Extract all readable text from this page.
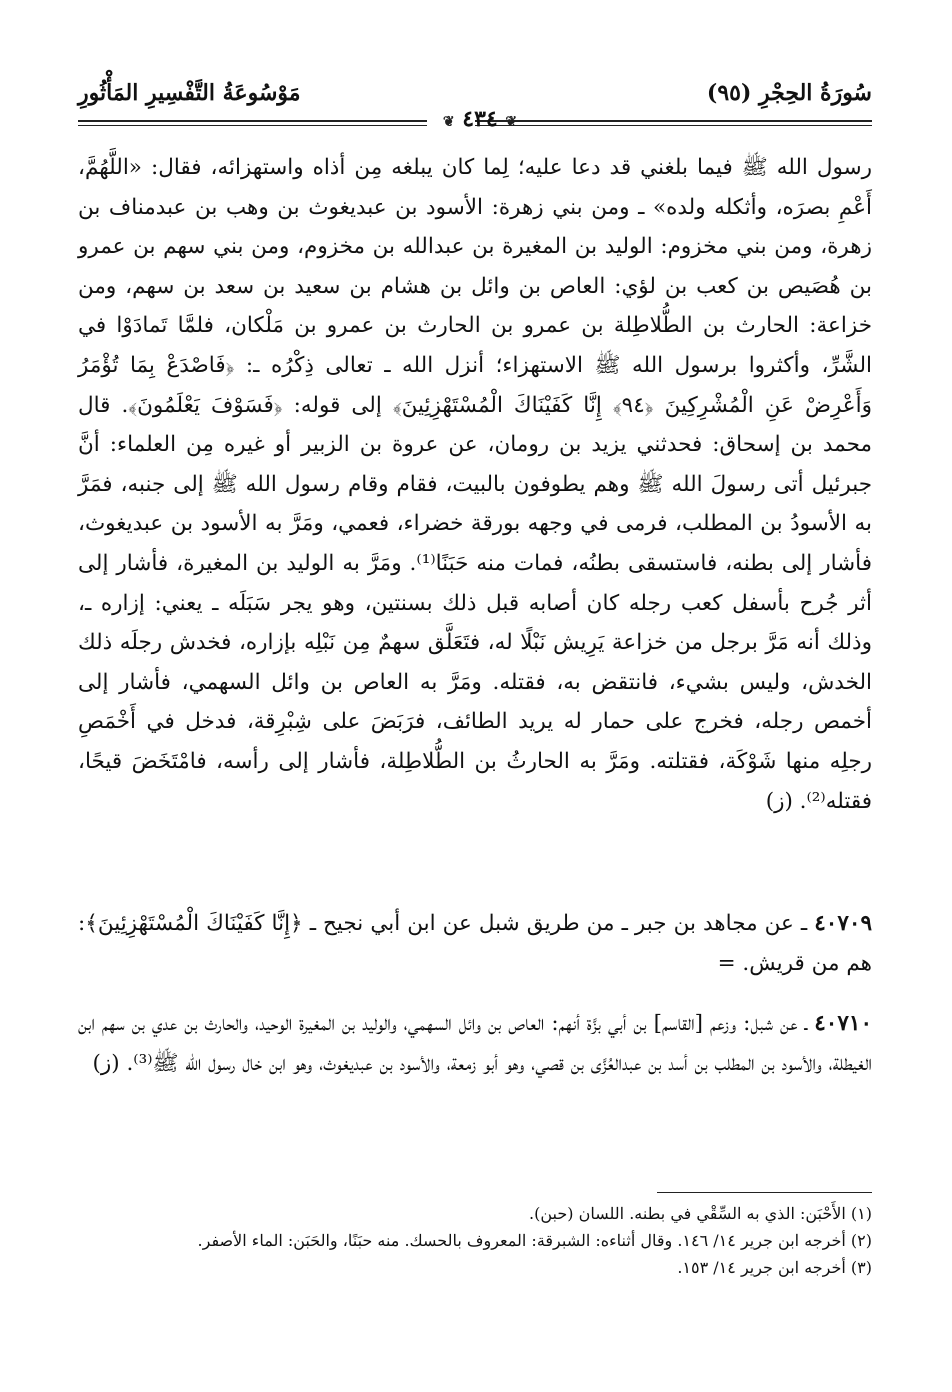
سُورَةُ الحِجْرِ (٩٥)
مَوْسُوعَةُ التَّفْسِيرِ المَأْثُورِ
❦ ٤٣٤ ❦

رسول الله ﷺ فيما بلغني قد دعا عليه؛ لِما كان يبلغه مِن أذاه واستهزائه، فقال: «اللَّهُمَّ، أَعْمِ بصرَه، وأثكله ولده» ـ ومن بني زهرة: الأسود بن عبديغوث بن وهب بن عبدمناف بن زهرة، ومن بني مخزوم: الوليد بن المغيرة بن عبدالله بن مخزوم، ومن بني سهم بن عمرو بن هُصَيص بن كعب بن لؤي: العاص بن وائل بن هشام بن سعيد بن سعد بن سهم، ومن خزاعة: الحارث بن الطُّلاطِلة بن عمرو بن الحارث بن عمرو بن مَلْكان، فلمَّا تَمادَوْا في الشَّرِّ، وأكثروا برسول الله ﷺ الاستهزاء؛ أنزل الله ـ تعالى ذِكْرُه ـ: ﴿فَاصْدَعْ بِمَا تُؤْمَرُ وَأَعْرِضْ عَنِ الْمُشْرِكِينَ ﴿٩٤﴾ إِنَّا كَفَيْنَاكَ الْمُسْتَهْزِئِينَ﴾ إلى قوله: ﴿فَسَوْفَ يَعْلَمُونَ﴾. قال محمد بن إسحاق: فحدثني يزيد بن رومان، عن عروة بن الزبير أو غيره مِن العلماء: أنَّ جبرئيل أتى رسولَ الله ﷺ وهم يطوفون بالبيت، فقام وقام رسول الله ﷺ إلى جنبه، فمَرَّ به الأسودُ بن المطلب، فرمى في وجهه بورقة خضراء، فعمي، ومَرَّ به الأسود بن عبديغوث، فأشار إلى بطنه، فاستسقى بطنُه، فمات منه حَبَنًا⁽¹⁾. ومَرَّ به الوليد بن المغيرة، فأشار إلى أثر جُرح بأسفل كعب رجله كان أصابه قبل ذلك بسنتين، وهو يجر سَبَلَه ـ يعني: إزاره ـ، وذلك أنه مَرَّ برجل من خزاعة يَرِيش نَبْلًا له، فتَعَلَّق سهمٌ مِن نَبْلِه بإزاره، فخدش رجلَه ذلك الخدش، وليس بشيء، فانتقض به، فقتله. ومَرَّ به العاص بن وائل السهمي، فأشار إلى أخمص رجله، فخرج على حمار له يريد الطائف، فرَبَضَ على شِبْرِقة، فدخل في أَخْمَصِ رجلِه منها شَوْكَة، فقتلته. ومَرَّ به الحارثُ بن الطُّلاطِلة، فأشار إلى رأسه، فامْتَخَضَ قيحًا، فقتله⁽²⁾. (ز)

٤٠٧٠٩ ـ عن مجاهد بن جبر ـ من طريق شبل عن ابن أبي نجيح ـ ﴿إِنَّا كَفَيْنَاكَ الْمُسْتَهْزِئِينَ﴾: هم من قريش. =

٤٠٧١٠ ـ عن شبل: وزعم [القاسم] بن أبي بزَّة أنهم: العاص بن وائل السهمي، والوليد بن المغيرة الوحيد، والحارث بن عدي بن سهم ابن الغيطلة، والأسود بن المطلب بن أسد بن عبدالعُزَّى بن قصي، وهو أبو زمعة، والأسود بن عبديغوث، وهو ابن خال رسول الله ﷺ⁽³⁾. (ز)

(١) الأَحْبَن: الذي به السِّقْي في بطنه. اللسان (حبن).

(٢) أخرجه ابن جرير ١٤/ ١٤٦. وقال أثناءه: الشبرقة: المعروف بالحسك. منه حبَنًا، والحَبَن: الماء الأصفر.

(٣) أخرجه ابن جرير ١٤/ ١٥٣.
